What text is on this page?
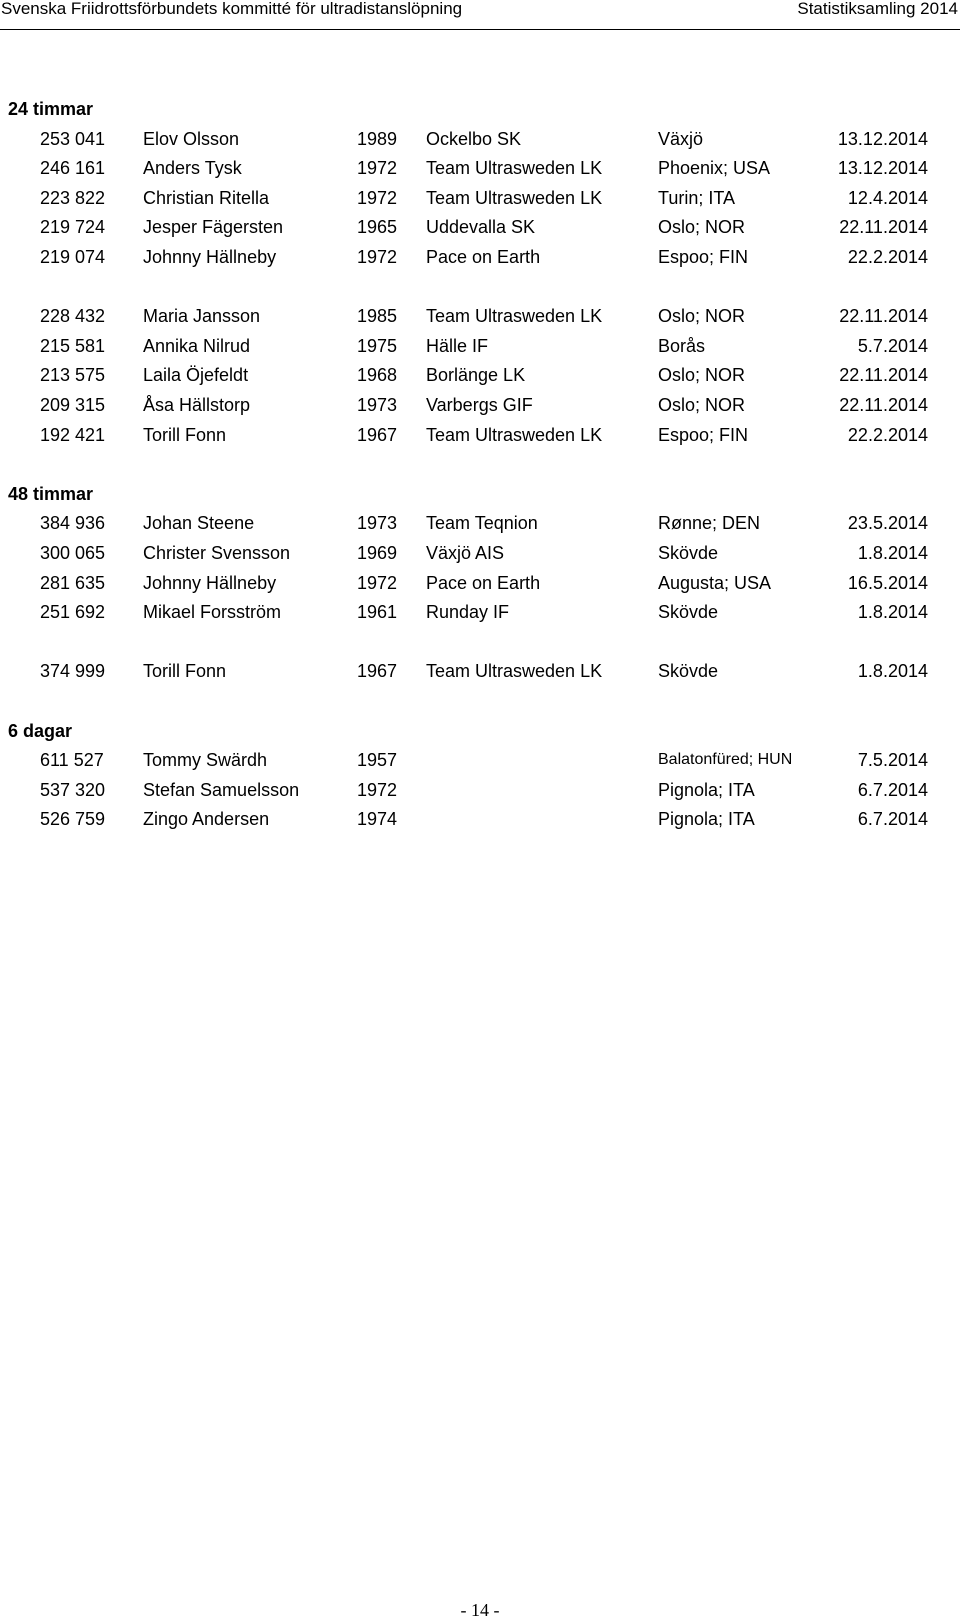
Svenska Friidrottsförbundets kommitté för ultradistanslöpning	Statistiksamling 2014
24 timmar
253 041 Elov Olsson	1989 Ockelbo SK	Växjö	13.12.2014
246 161 Anders Tysk	1972 Team Ultrasweden LK	Phoenix; USA	13.12.2014
223 822 Christian Ritella	1972 Team Ultrasweden LK	Turin; ITA	12.4.2014
219 724 Jesper Fägersten	1965 Uddevalla SK	Oslo; NOR	22.11.2014
219 074 Johnny Hällneby	1972 Pace on Earth	Espoo; FIN	22.2.2014
228 432 Maria Jansson	1985 Team Ultrasweden LK	Oslo; NOR	22.11.2014
215 581 Annika Nilrud	1975 Hälle IF	Borås	5.7.2014
213 575 Laila Öjefeldt	1968 Borlänge LK	Oslo; NOR	22.11.2014
209 315 Åsa Hällstorp	1973 Varbergs GIF	Oslo; NOR	22.11.2014
192 421 Torill Fonn	1967 Team Ultrasweden LK	Espoo; FIN	22.2.2014
48 timmar
384 936 Johan Steene	1973 Team Teqnion	Rønne; DEN	23.5.2014
300 065 Christer Svensson	1969 Växjö AIS	Skövde	1.8.2014
281 635 Johnny Hällneby	1972 Pace on Earth	Augusta; USA	16.5.2014
251 692 Mikael Forsström	1961 Runday IF	Skövde	1.8.2014
374 999 Torill Fonn	1967 Team Ultrasweden LK	Skövde	1.8.2014
6 dagar
611 527 Tommy Swärdh	1957	Balatonfüred; HUN	7.5.2014
537 320 Stefan Samuelsson	1972	Pignola; ITA	6.7.2014
526 759 Zingo Andersen	1974	Pignola; ITA	6.7.2014
- 14 -
